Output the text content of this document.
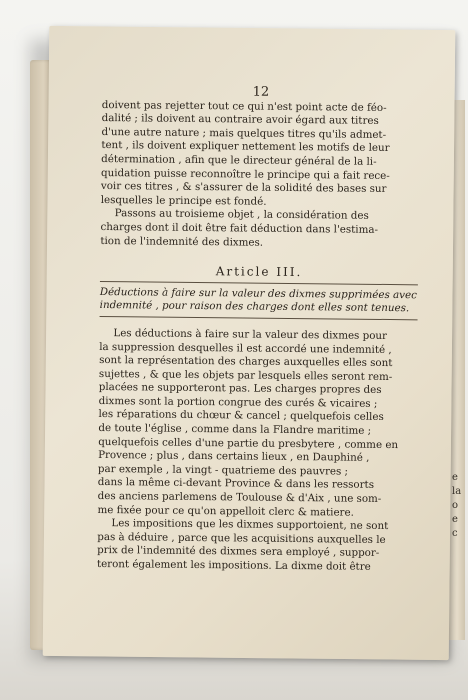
e
la
o
e
c
12
doivent pas rejetter tout ce qui n'est point acte de féo-
dalité ; ils doivent au contraire avoir égard aux titres
d'une autre nature ; mais quelques titres qu'ils admet-
tent , ils doivent expliquer nettement les motifs de leur
détermination , afin que le directeur général de la li-
quidation puisse reconnoître le principe qui a fait rece-
voir ces titres , & s'assurer de la solidité des bases sur
lesquelles le principe est fondé.
Passons au troisieme objet , la considération des
charges dont il doit être fait déduction dans l'estima-
tion de l'indemnité des dixmes.
Article III.
Déductions à faire sur la valeur des dixmes supprimées avec
indemnité , pour raison des charges dont elles sont tenues.
Les déductions à faire sur la valeur des dixmes pour
la suppression desquelles il est accordé une indemnité ,
sont la représentation des charges auxquelles elles sont
sujettes , & que les objets par lesquels elles seront rem-
placées ne supporteront pas. Les charges propres des
dixmes sont la portion congrue des curés & vicaires ;
les réparations du chœur & cancel ; quelquefois celles
de toute l'église , comme dans la Flandre maritime ;
quelquefois celles d'une partie du presbytere , comme en
Provence ; plus , dans certains lieux , en Dauphiné ,
par exemple , la vingt - quatrieme des pauvres ;
dans la même ci-devant Province & dans les ressorts
des anciens parlemens de Toulouse & d'Aix , une som-
me fixée pour ce qu'on appelloit clerc & matiere.
Les impositions que les dixmes supportoient, ne sont
pas à déduire , parce que les acquisitions auxquelles le
prix de l'indemnité des dixmes sera employé , suppor-
teront également les impositions. La dixme doit être
